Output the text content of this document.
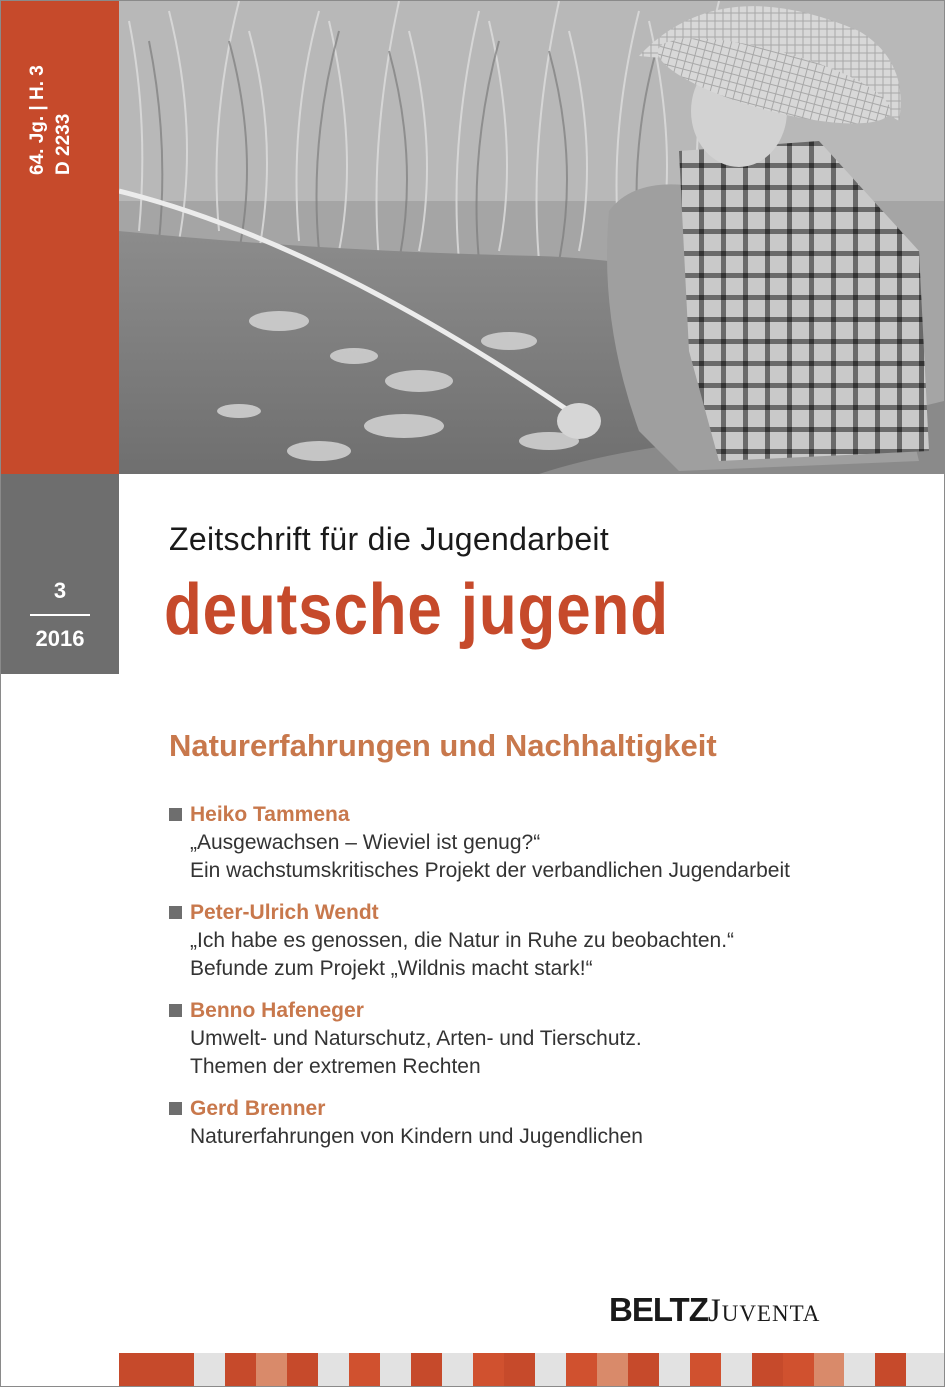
64. Jg. | H. 3 D 2233
3
2016
Zeitschrift für die Jugendarbeit
deutsche jugend
Naturerfahrungen und Nachhaltigkeit
Heiko Tammena
„Ausgewachsen – Wieviel ist genug?“
Ein wachstumskritisches Projekt der verbandlichen Jugendarbeit
Peter-Ulrich Wendt
„Ich habe es genossen, die Natur in Ruhe zu beobachten.“
Befunde zum Projekt „Wildnis macht stark!“
Benno Hafeneger
Umwelt- und Naturschutz, Arten- und Tierschutz.
Themen der extremen Rechten
Gerd Brenner
Naturerfahrungen von Kindern und Jugendlichen
BELTZJuventa
